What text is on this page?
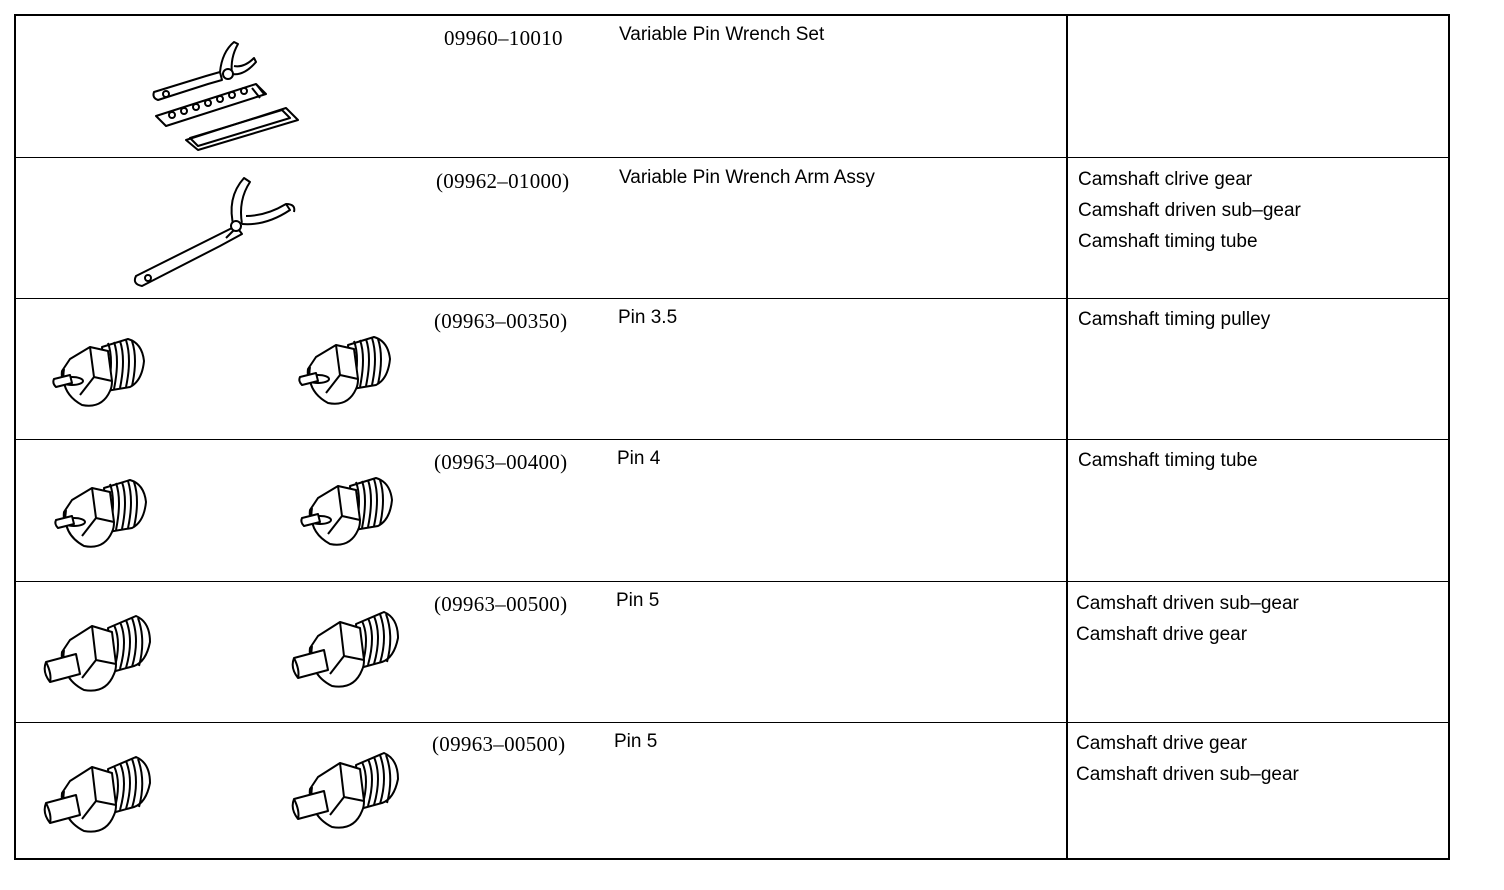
09960–10010	Variable Pin Wrench Set
(09962–01000)	Variable Pin Wrench Arm Assy	Camshaft clrive gear
Camshaft driven sub–gear
Camshaft timing tube
(09963–00350)	Pin 3.5	Camshaft timing pulley
(09963–00400)	Pin 4	Camshaft timing tube
(09963–00500)	Pin 5	Camshaft driven sub–gear
Camshaft drive gear
(09963–00500)	Pin 5	Camshaft drive gear
Camshaft driven sub–gear
